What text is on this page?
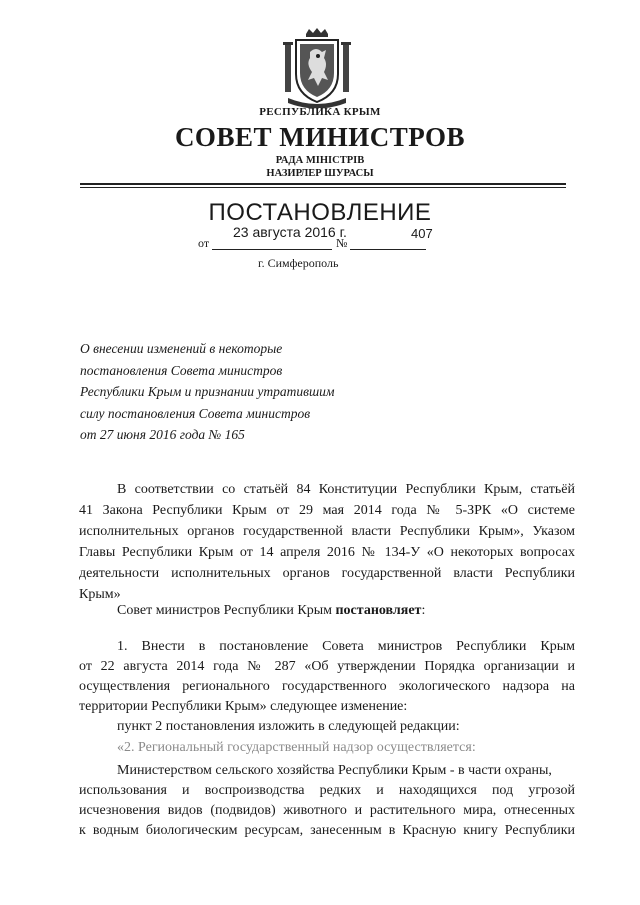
РЕСПУБЛИКА КРЫМ
СОВЕТ МИНИСТРОВ
РАДА МІНІСТРІВ
НАЗИРЛЕР ШУРАСЫ
ПОСТАНОВЛЕНИЕ
23 августа 2016 г.	407
от	№
г. Симферополь
О внесении изменений в некоторые
постановления Совета министров
Республики Крым и признании утратившим
силу постановления Совета министров
от 27 июня 2016 года № 165
В соответствии со статьёй 84 Конституции Республики Крым, статьёй
41 Закона Республики Крым от 29 мая 2014 года № 5-ЗРК «О системе
исполнительных органов государственной власти Республики Крым», Указом
Главы Республики Крым от 14 апреля 2016 № 134-У «О некоторых вопросах
деятельности исполнительных органов государственной власти Республики
Крым»
Совет министров Республики Крым постановляет:
1. Внести в постановление Совета министров Республики Крым
от 22 августа 2014 года № 287 «Об утверждении Порядка организации и
осуществления регионального государственного экологического надзора на
территории Республики Крым» следующее изменение:
пункт 2 постановления изложить в следующей редакции:
«2. Региональный государственный надзор осуществляется:
Министерством сельского хозяйства Республики Крым - в части охраны,
использования и воспроизводства редких и находящихся под угрозой
исчезновения видов (подвидов) животного и растительного мира, отнесенных
к водным биологическим ресурсам, занесенным в Красную книгу Республики
